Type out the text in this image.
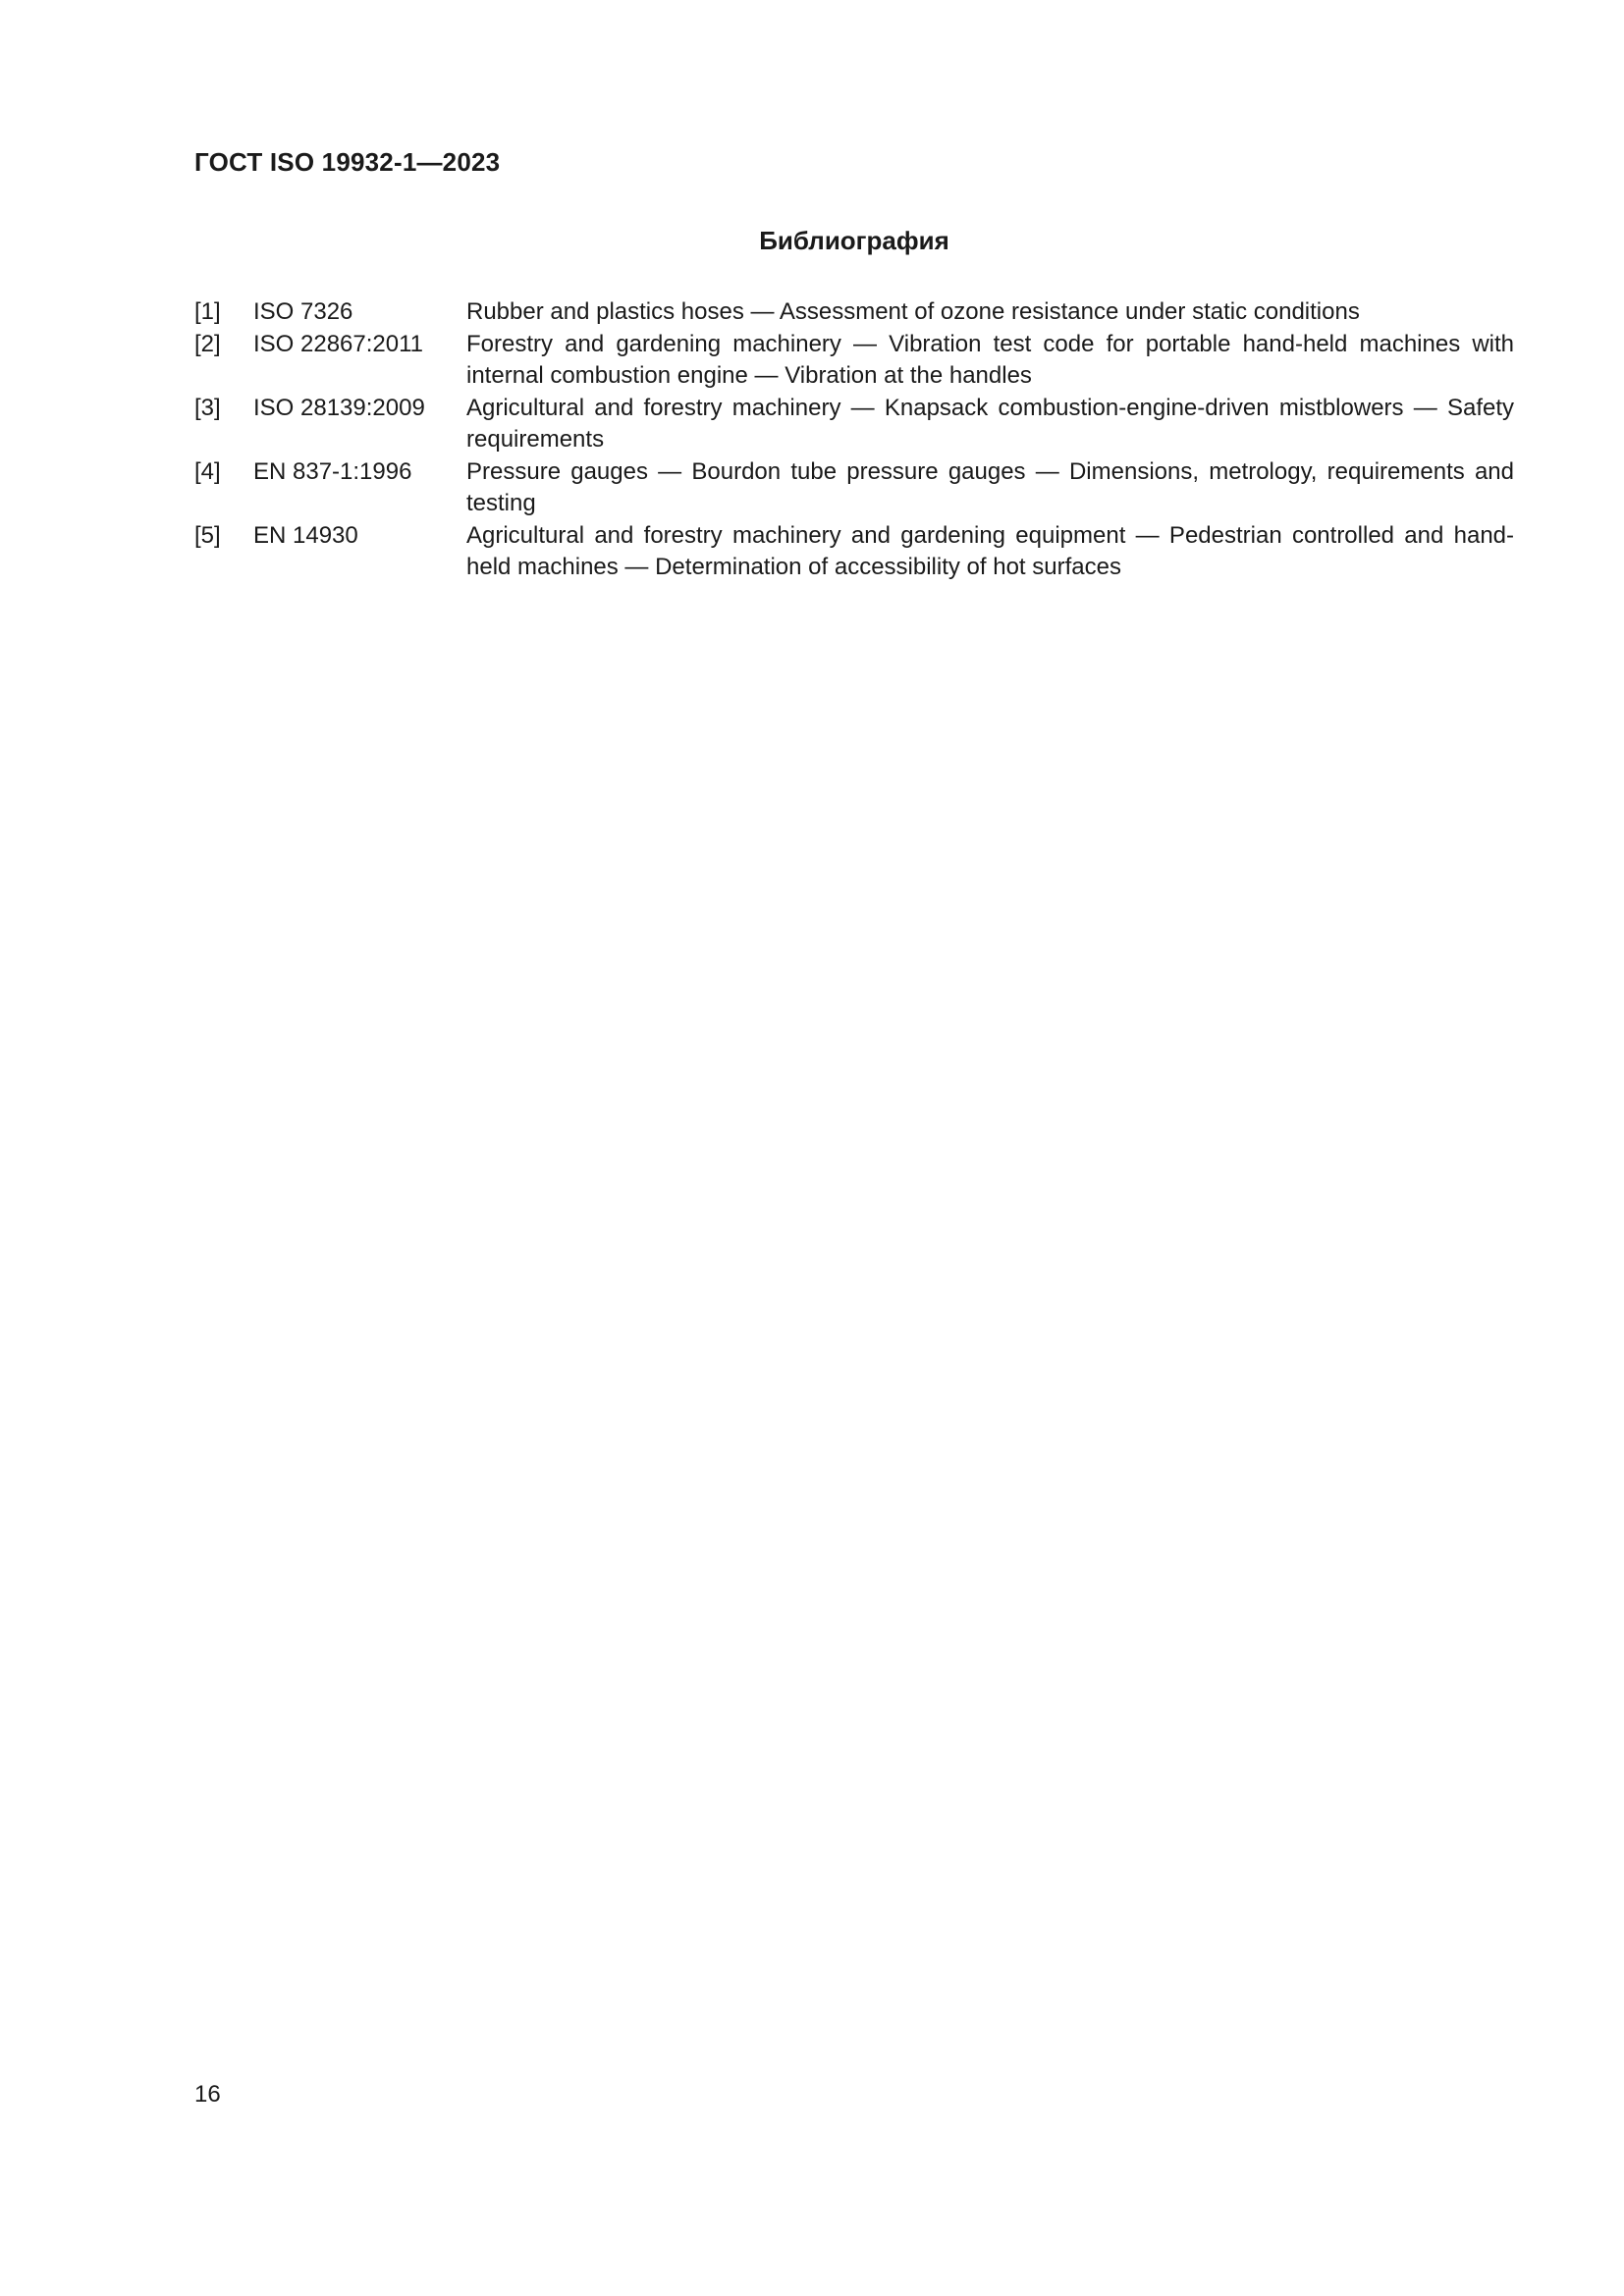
ГОСТ ISO 19932-1—2023
Библиография
[1]	ISO 7326	Rubber and plastics hoses — Assessment of ozone resistance under static conditions
[2]	ISO 22867:2011	Forestry and gardening machinery — Vibration test code for portable hand-held machines with internal combustion engine — Vibration at the handles
[3]	ISO 28139:2009	Agricultural and forestry machinery — Knapsack combustion-engine-driven mistblowers — Safety requirements
[4]	EN 837-1:1996	Pressure gauges — Bourdon tube pressure gauges — Dimensions, metrology, requirements and testing
[5]	EN 14930	Agricultural and forestry machinery and gardening equipment — Pedestrian controlled and hand-held machines — Determination of accessibility of hot surfaces
16
